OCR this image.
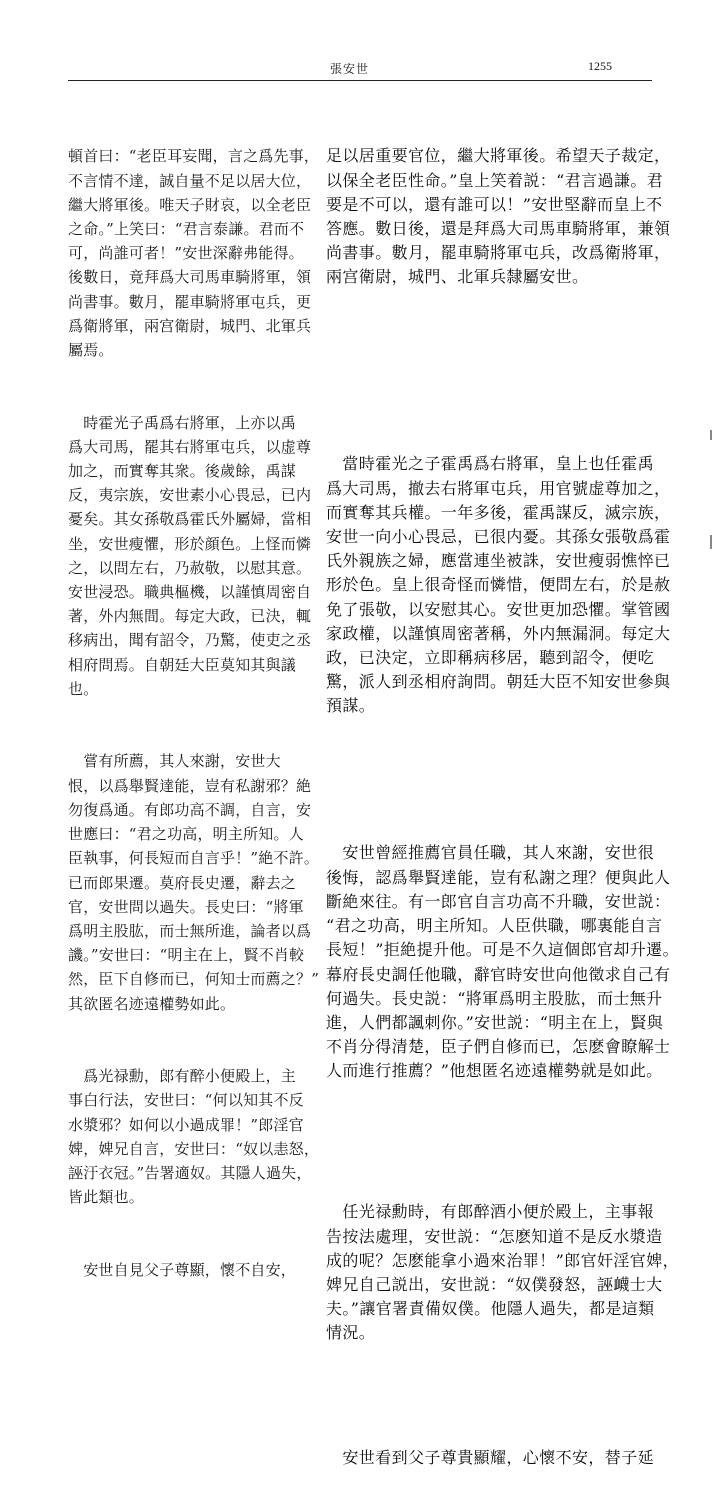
張安世	1255

頓首曰：“老臣耳妄聞，言之爲先事，
不言情不達，誠自量不足以居大位，
繼大將軍後。唯天子財哀，以全老臣
之命。”上笑曰：“君言泰謙。君而不
可，尚誰可者！”安世深辭弗能得。
後數日，竟拜爲大司馬車騎將軍，領
尚書事。數月，罷車騎將軍屯兵，更
爲衛將軍，兩宫衛尉，城門、北軍兵
屬焉。

　時霍光子禹爲右將軍，上亦以禹
爲大司馬，罷其右將軍屯兵，以虚尊
加之，而實奪其衆。後歲餘，禹謀
反，夷宗族，安世素小心畏忌，已内
憂矣。其女孫敬爲霍氏外屬婦，當相
坐，安世瘦懼，形於顔色。上怪而憐
之，以問左右，乃赦敬，以慰其意。
安世浸恐。職典樞機，以謹慎周密自
著，外内無間。每定大政，已決，輒
移病出，聞有詔令，乃驚，使吏之丞
相府問焉。自朝廷大臣莫知其與議
也。

　嘗有所薦，其人來謝，安世大
恨，以爲舉賢達能，豈有私謝邪？絶
勿復爲通。有郎功高不調，自言，安
世應曰：“君之功高，明主所知。人
臣執事，何長短而自言乎！”絶不許。
已而郎果遷。莫府長史遷，辭去之
官，安世問以過失。長史曰：“將軍
爲明主股肱，而士無所進，論者以爲
譏。”安世曰：“明主在上，賢不肖較
然，臣下自修而已，何知士而薦之？”
其欲匿名迹遠權勢如此。

　爲光禄勳，郎有醉小便殿上，主
事白行法，安世曰：“何以知其不反
水漿邪？如何以小過成罪！”郎淫官
婢，婢兄自言，安世曰：“奴以恚怒，
誣汙衣冠。”告署適奴。其隱人過失，
皆此類也。

　安世自見父子尊顯，懷不自安，

足以居重要官位，繼大將軍後。希望天子裁定，
以保全老臣性命。”皇上笑着説：“君言過謙。君
要是不可以，還有誰可以！”安世堅辭而皇上不
答應。數日後，還是拜爲大司馬車騎將軍，兼領
尚書事。數月，罷車騎將軍屯兵，改爲衛將軍，
兩宫衛尉，城門、北軍兵隸屬安世。

　當時霍光之子霍禹爲右將軍，皇上也任霍禹
爲大司馬，撤去右將軍屯兵，用官號虚尊加之，
而實奪其兵權。一年多後，霍禹謀反，滅宗族，
安世一向小心畏忌，已很内憂。其孫女張敬爲霍
氏外親族之婦，應當連坐被誅，安世瘦弱憔悴已
形於色。皇上很奇怪而憐惜，便問左右，於是赦
免了張敬，以安慰其心。安世更加恐懼。掌管國
家政權，以謹慎周密著稱，外内無漏洞。每定大
政，已決定，立即稱病移居，聽到詔令，便吃
驚，派人到丞相府詢問。朝廷大臣不知安世參與
預謀。

　安世曾經推薦官員任職，其人來謝，安世很
後悔，認爲舉賢達能，豈有私謝之理？便與此人
斷絶來往。有一郎官自言功高不升職，安世説：
“君之功高，明主所知。人臣供職，哪裏能自言
長短！”拒絶提升他。可是不久這個郎官却升遷。
幕府長史調任他職，辭官時安世向他徵求自己有
何過失。長史説：“將軍爲明主股肱，而士無升
進，人們都諷刺你。”安世説：“明主在上，賢與
不肖分得清楚，臣子們自修而已，怎麽會瞭解士
人而進行推薦？”他想匿名迹遠權勢就是如此。

　任光禄勳時，有郎醉酒小便於殿上，主事報
告按法處理，安世説：“怎麽知道不是反水漿造
成的呢？怎麽能拿小過來治罪！”郎官奸淫官婢，
婢兄自己説出，安世説：“奴僕發怒，誣衊士大
夫。”讓官署責備奴僕。他隱人過失，都是這類
情況。

　安世看到父子尊貴顯耀，心懷不安，替子延
